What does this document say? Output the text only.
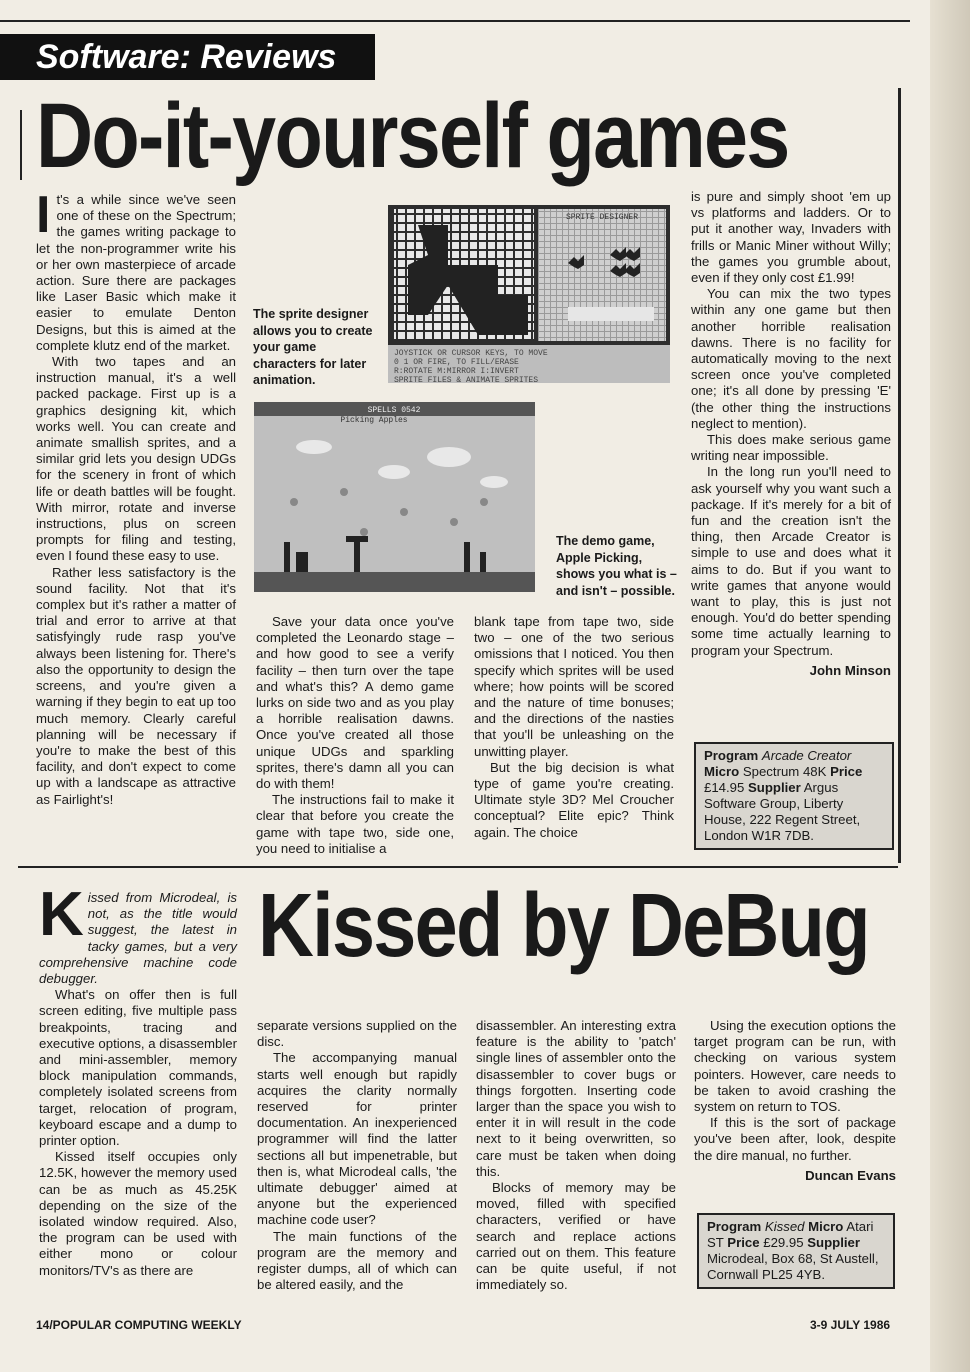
Software: Reviews
Do-it-yourself games

It's a while since we've seen one of these on the Spectrum; the games writing package to let the non-programmer write his or her own masterpiece of arcade action. Sure there are packages like Laser Basic which make it easier to emulate Denton Designs, but this is aimed at the complete klutz end of the market.

With two tapes and an instruction manual, it's a well packed package. First up is a graphics designing kit, which works well. You can create and animate smallish sprites, and a similar grid lets you design UDGs for the scenery in front of which life or death battles will be fought. With mirror, rotate and inverse instructions, plus on screen prompts for filing and testing, even I found these easy to use.

Rather less satisfactory is the sound facility. Not that it's complex but it's rather a matter of trial and error to arrive at that satisfyingly rude rasp you've always been listening for. There's also the opportunity to design the screens, and you're given a warning if they begin to eat up too much memory. Clearly careful planning will be necessary if you're to make the best of this facility, and don't expect to come up with a landscape as attractive as Fairlight's!

The sprite designer allows you to create your game characters for later animation.
SPRITE DESIGNER
JOYSTICK OR CURSOR KEYS, TO MOVE
0 1 OR FIRE, TO FILL/ERASE
R:ROTATE M:MIRROR I:INVERT
SPRITE FILES & ANIMATE SPRITES
SPELLS 0542
Picking Apples
The demo game, Apple Picking, shows you what is – and isn't – possible.

Save your data once you've completed the Leonardo stage – and how good to see a verify facility – then turn over the tape and what's this? A demo game lurks on side two and as you play a horrible realisation dawns. Once you've created all those unique UDGs and sparkling sprites, there's damn all you can do with them!

The instructions fail to make it clear that before you create the game with tape two, side one, you need to initialise a

blank tape from tape two, side two – one of the two serious omissions that I noticed. You then specify which sprites will be used where; how points will be scored and the nature of time bonuses; and the directions of the nasties that you'll be unleashing on the unwitting player.

But the big decision is what type of game you're creating. Ultimate style 3D? Mel Croucher conceptual? Elite epic? Think again. The choice

is pure and simply shoot 'em up vs platforms and ladders. Or to put it another way, Invaders with frills or Manic Miner without Willy; the games you grumble about, even if they only cost £1.99!

You can mix the two types within any one game but then another horrible realisation dawns. There is no facility for automatically moving to the next screen once you've completed one; it's all done by pressing 'E' (the other thing the instructions neglect to mention).

This does make serious game writing near impossible.

In the long run you'll need to ask yourself why you want such a package. If it's merely for a bit of fun and the creation isn't the thing, then Arcade Creator is simple to use and does what it aims to do. But if you want to write games that anyone would want to play, this is just not enough. You'd do better spending some time actually learning to program your Spectrum.

John Minson

Program Arcade Creator Micro Spectrum 48K Price £14.95 Supplier Argus Software Group, Liberty House, 222 Regent Street, London W1R 7DB.
Kissed by DeBug

Kissed from Microdeal, is not, as the title would suggest, the latest in tacky games, but a very comprehensive machine code debugger.

What's on offer then is full screen editing, five multiple pass breakpoints, tracing and executive options, a disassembler and mini-assembler, memory block manipulation commands, completely isolated screens from target, relocation of program, keyboard escape and a dump to printer option.

Kissed itself occupies only 12.5K, however the memory used can be as much as 45.25K depending on the size of the isolated window required. Also, the program can be used with either mono or colour monitors/TV's as there are

separate versions supplied on the disc.

The accompanying manual starts well enough but rapidly acquires the clarity normally reserved for printer documentation. An inexperienced programmer will find the latter sections all but impenetrable, but then is, what Microdeal calls, 'the ultimate debugger' aimed at anyone but the experienced machine code user?

The main functions of the program are the memory and register dumps, all of which can be altered easily, and the

disassembler. An interesting extra feature is the ability to 'patch' single lines of assembler onto the disassembler to cover bugs or things forgotten. Inserting code larger than the space you wish to enter it in will result in the code next to it being overwritten, so care must be taken when doing this.

Blocks of memory may be moved, filled with specified characters, verified or have search and replace actions carried out on them. This feature can be quite useful, if not immediately so.

Using the execution options the target program can be run, with checking on various system pointers. However, care needs to be taken to avoid crashing the system on return to TOS.

If this is the sort of package you've been after, look, despite the dire manual, no further.

Duncan Evans

Program Kissed Micro Atari ST Price £29.95 Supplier Microdeal, Box 68, St Austell, Cornwall PL25 4YB.
14/POPULAR COMPUTING WEEKLY	3-9 JULY 1986
